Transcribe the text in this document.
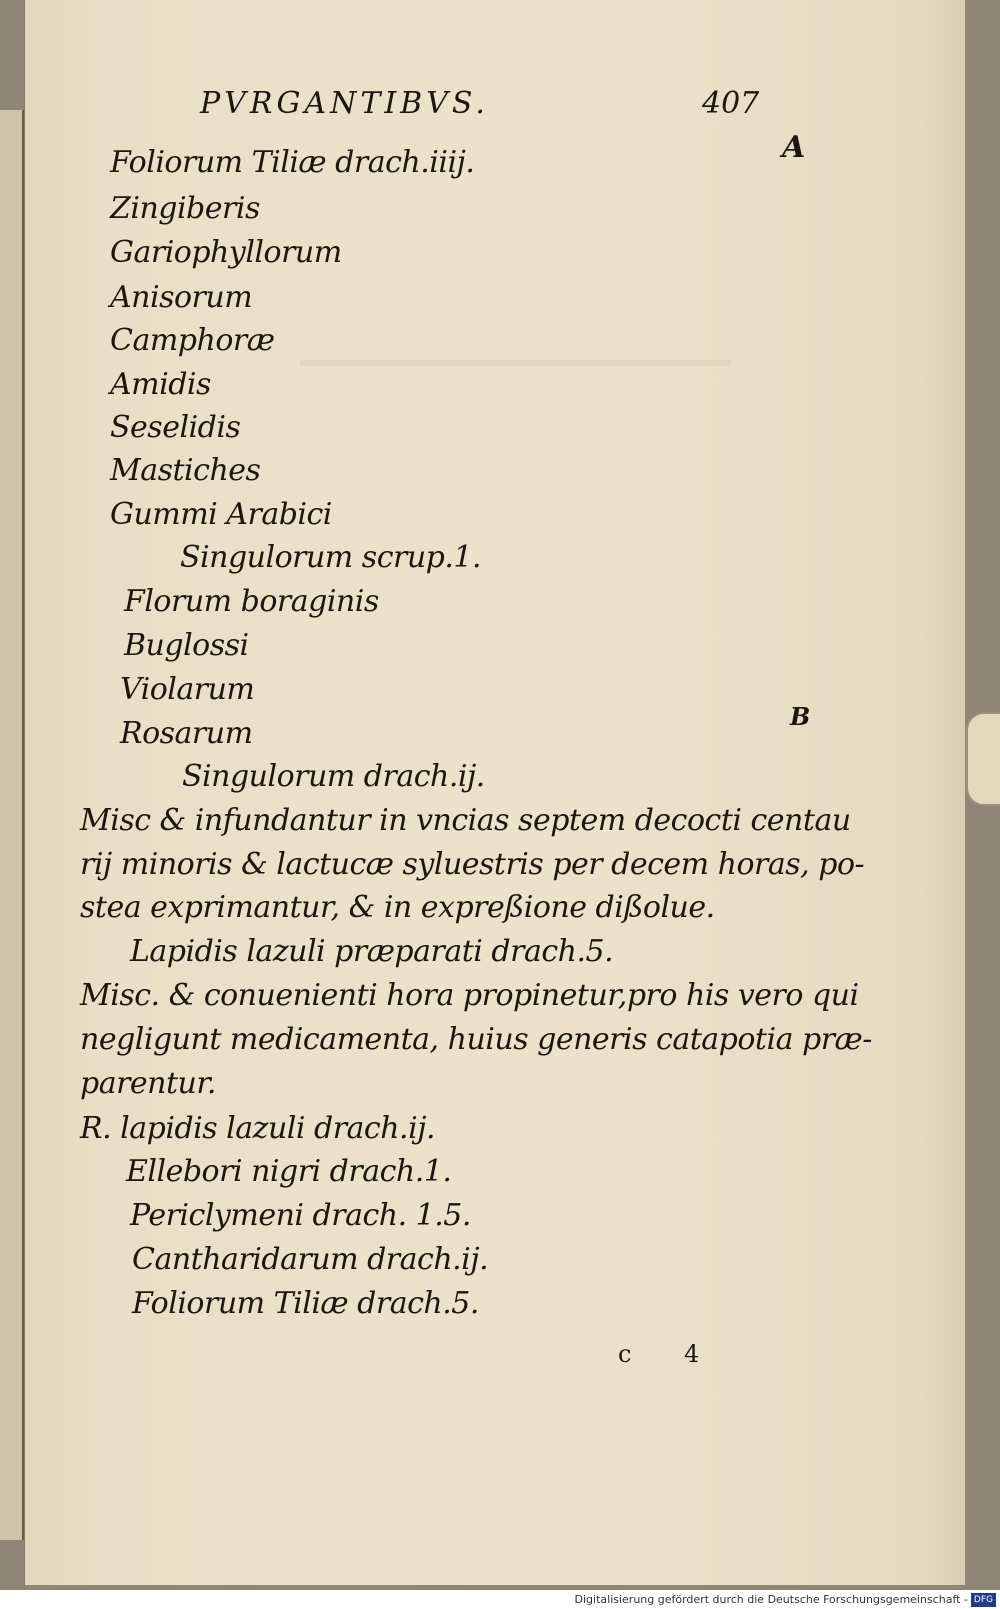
PVRGANTIBVS.	407
A
B
Foliorum Tiliæ drach.iiij.
Zingiberis
Gariophyllorum
Anisorum
Camphoræ
Amidis
Seselidis
Mastiches
Gummi Arabici
Singulorum scrup.1.
Florum boraginis
Buglossi
Violarum
Rosarum
Singulorum drach.ij.
Misc & infundantur in vncias septem decocti centau
rij minoris & lactucæ syluestris per decem horas, po-
stea exprimantur, & in expreßione dißolue.
Lapidis lazuli præparati drach.5.
Misc. & conuenienti hora propinetur,pro his vero qui
negligunt medicamenta, huius generis catapotia præ-
parentur.
R. lapidis lazuli drach.ij.
Ellebori nigri drach.1.
Periclymeni drach. 1.5.
Cantharidarum drach.ij.
Foliorum Tiliæ drach.5.
c 4
Digitalisierung gefördert durch die Deutsche Forschungsgemeinschaft - DFG
